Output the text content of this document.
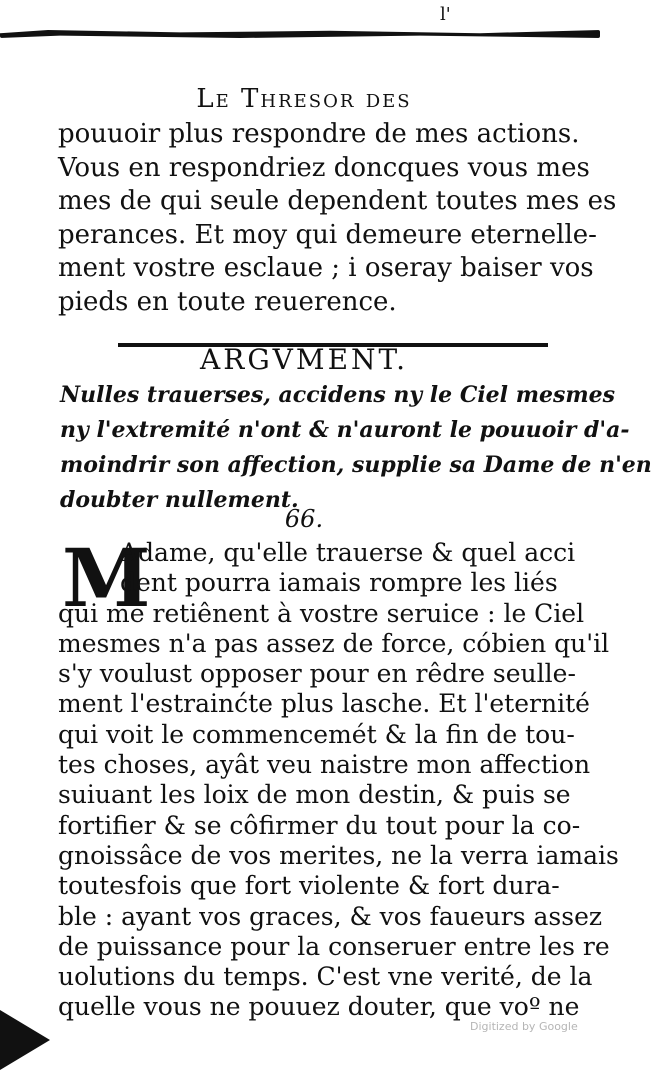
l'
Le Thresor des
pouuoir plus respondre de mes actions.
Vous en respondriez doncques vous mes
mes de qui seule dependent toutes mes es
perances. Et moy qui demeure eternelle-
ment vostre esclaue ; i oseray baiser vos
pieds en toute reuerence.
ARGVMENT.
Nulles trauerses, accidens ny le Ciel mesmes
ny l'extremité n'ont & n'auront le pouuoir d'a-
moindrir son affection, supplie sa Dame de n'en
doubter nullement.
66.
M
Adame, qu'elle trauerse & quel acci
dent pourra iamais rompre les liés
qui me retiênent à vostre seruice : le Ciel
mesmes n'a pas assez de force, cóbien qu'il
s'y voulust opposer pour en rêdre seulle-
ment l'estrainćte plus lasche. Et l'eternité
qui voit le commencemét & la fin de tou-
tes choses, ayât veu naistre mon affection
suiuant les loix de mon destin, & puis se
fortifier & se côfirmer du tout pour la co-
gnoissâce de vos merites, ne la verra iamais
toutesfois que fort violente & fort dura-
ble : ayant vos graces, & vos faueurs assez
de puissance pour la conseruer entre les re
uolutions du temps. C'est vne verité, de la
quelle vous ne pouuez douter, que voº ne
Digitized by Google
